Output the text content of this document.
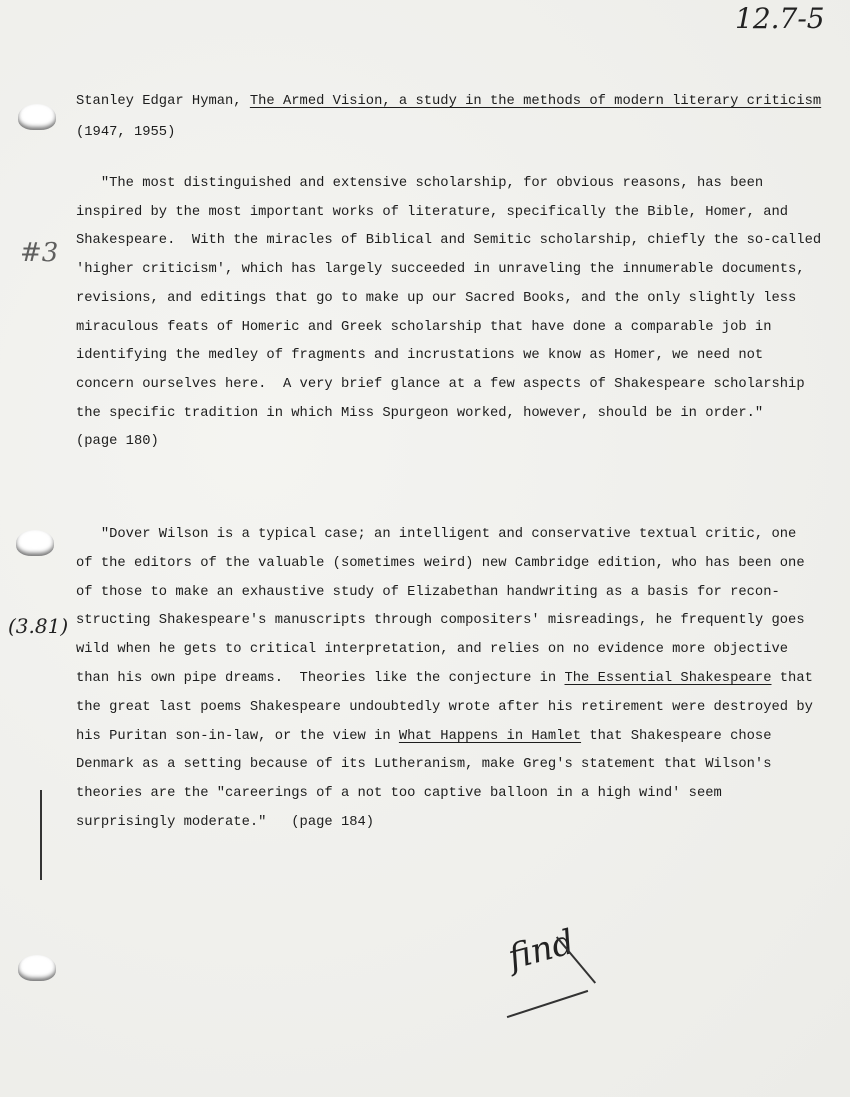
12.7-5
#3
(3.81)
find
Stanley Edgar Hyman, The Armed Vision, a study in the methods of modern literary criticism
(1947, 1955)
"The most distinguished and extensive scholarship, for obvious reasons, has been
inspired by the most important works of literature, specifically the Bible, Homer, and
Shakespeare.  With the miracles of Biblical and Semitic scholarship, chiefly the so-called
'higher criticism', which has largely succeeded in unraveling the innumerable documents,
revisions, and editings that go to make up our Sacred Books, and the only slightly less
miraculous feats of Homeric and Greek scholarship that have done a comparable job in
identifying the medley of fragments and incrustations we know as Homer, we need not
concern ourselves here.  A very brief glance at a few aspects of Shakespeare scholarship
the specific tradition in which Miss Spurgeon worked, however, should be in order."
(page 180)
"Dover Wilson is a typical case; an intelligent and conservative textual critic, one
of the editors of the valuable (sometimes weird) new Cambridge edition, who has been one
of those to make an exhaustive study of Elizabethan handwriting as a basis for recon-
structing Shakespeare's manuscripts through compositers' misreadings, he frequently goes
wild when he gets to critical interpretation, and relies on no evidence more objective
than his own pipe dreams.  Theories like the conjecture in The Essential Shakespeare that
the great last poems Shakespeare undoubtedly wrote after his retirement were destroyed by
his Puritan son-in-law, or the view in What Happens in Hamlet that Shakespeare chose
Denmark as a setting because of its Lutheranism, make Greg's statement that Wilson's
theories are the "careerings of a not too captive balloon in a high wind' seem
surprisingly moderate."   (page 184)
